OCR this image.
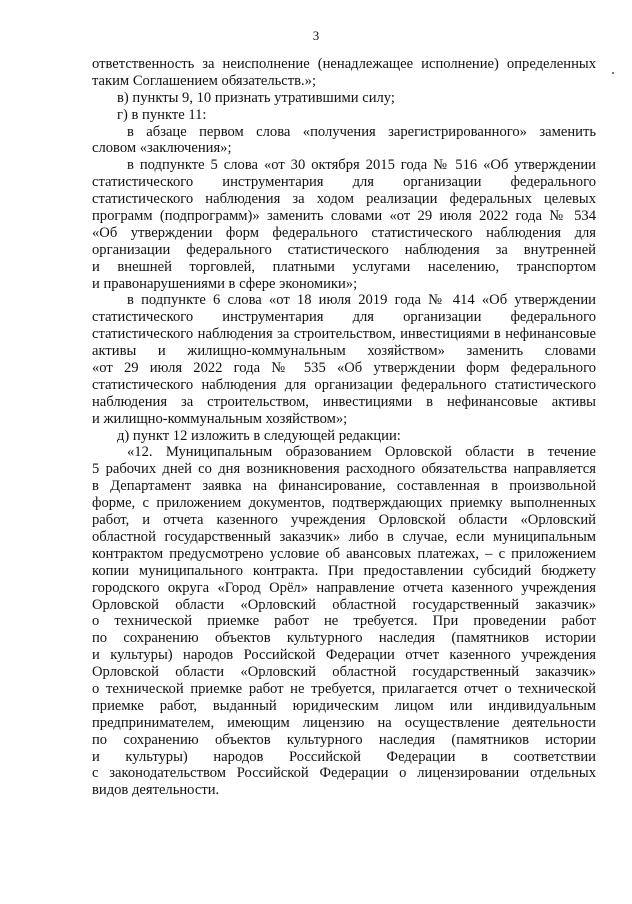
3
ответственность за неисполнение (ненадлежащее исполнение) определенных
таким Соглашением обязательств.»;
в) пункты 9, 10 признать утратившими силу;
г) в пункте 11:
в абзаце первом слова «получения зарегистрированного» заменить
словом «заключения»;
в подпункте 5 слова «от 30 октября 2015 года № 516 «Об утверждении
статистического инструментария для организации федерального
статистического наблюдения за ходом реализации федеральных целевых
программ (подпрограмм)» заменить словами «от 29 июля 2022 года № 534
«Об утверждении форм федерального статистического наблюдения для
организации федерального статистического наблюдения за внутренней
и внешней торговлей, платными услугами населению, транспортом
и правонарушениями в сфере экономики»;
в подпункте 6 слова «от 18 июля 2019 года № 414 «Об утверждении
статистического инструментария для организации федерального
статистического наблюдения за строительством, инвестициями в нефинансовые
активы и жилищно-коммунальным хозяйством» заменить словами
«от 29 июля 2022 года № 535 «Об утверждении форм федерального
статистического наблюдения для организации федерального статистического
наблюдения за строительством, инвестициями в нефинансовые активы
и жилищно-коммунальным хозяйством»;
д) пункт 12 изложить в следующей редакции:
«12. Муниципальным образованием Орловской области в течение
5 рабочих дней со дня возникновения расходного обязательства направляется
в Департамент заявка на финансирование, составленная в произвольной
форме, с приложением документов, подтверждающих приемку выполненных
работ, и отчета казенного учреждения Орловской области «Орловский
областной государственный заказчик» либо в случае, если муниципальным
контрактом предусмотрено условие об авансовых платежах, – с приложением
копии муниципального контракта. При предоставлении субсидий бюджету
городского округа «Город Орёл» направление отчета казенного учреждения
Орловской области «Орловский областной государственный заказчик»
о технической приемке работ не требуется. При проведении работ
по сохранению объектов культурного наследия (памятников истории
и культуры) народов Российской Федерации отчет казенного учреждения
Орловской области «Орловский областной государственный заказчик»
о технической приемке работ не требуется, прилагается отчет о технической
приемке работ, выданный юридическим лицом или индивидуальным
предпринимателем, имеющим лицензию на осуществление деятельности
по сохранению объектов культурного наследия (памятников истории
и культуры) народов Российской Федерации в соответствии
с законодательством Российской Федерации о лицензировании отдельных
видов деятельности.
